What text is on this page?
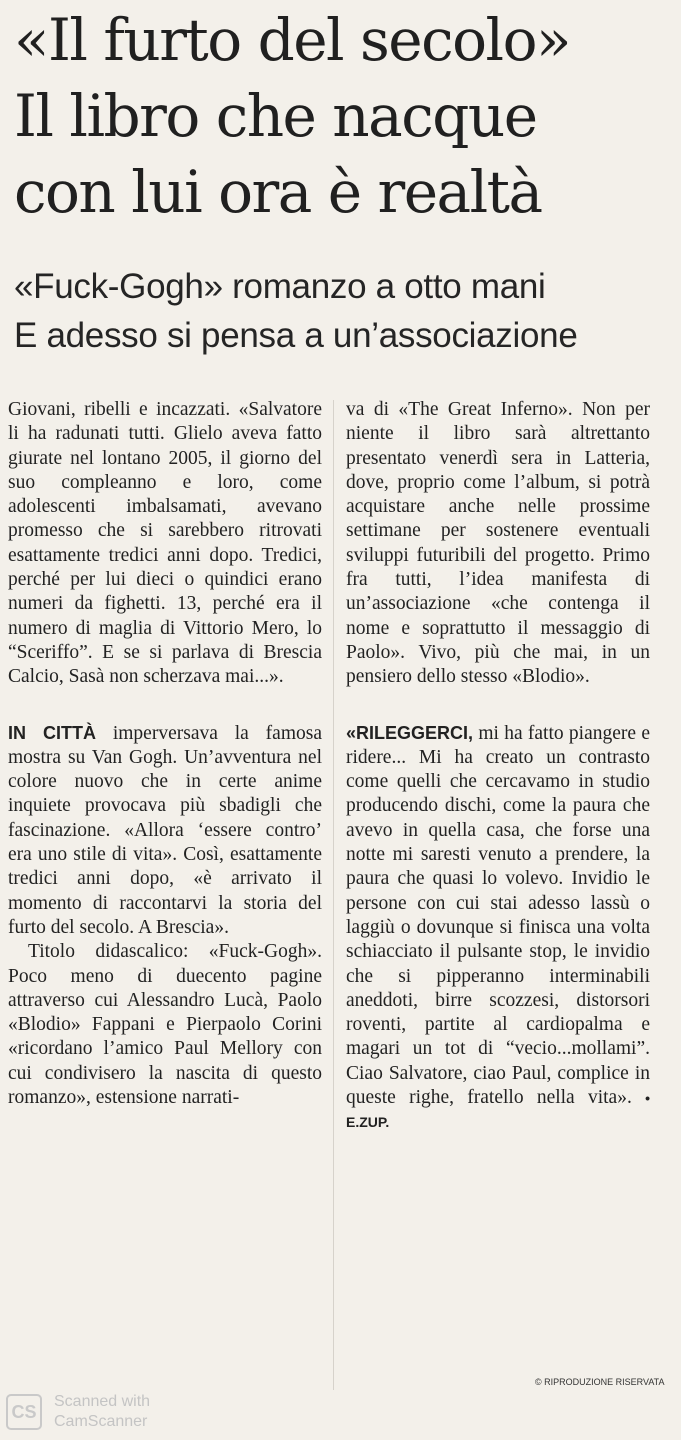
«Il furto del secolo»
Il libro che nacque
con lui ora è realtà
«Fuck-Gogh» romanzo a otto mani
E adesso si pensa a un’associazione

Giovani, ribelli e incazzati. «Salvatore li ha radunati tutti. Glielo aveva fatto giurate nel lontano 2005, il giorno del suo compleanno e loro, come adolescenti imbalsamati, avevano promesso che si sarebbero ritrovati esattamente tredici anni dopo. Tredici, perché per lui dieci o quindici erano numeri da fighetti. 13, perché era il numero di maglia di Vittorio Mero, lo “Sceriffo”. E se si parlava di Brescia Calcio, Sasà non scherzava mai...».

IN CITTÀ imperversava la famosa mostra su Van Gogh. Un’avventura nel colore nuovo che in certe anime inquiete provocava più sbadigli che fascinazione. «Allora ‘essere contro’ era uno stile di vita». Così, esattamente tredici anni dopo, «è arrivato il momento di raccontarvi la storia del furto del secolo. A Brescia».

Titolo didascalico: «Fuck-Gogh». Poco meno di duecento pagine attraverso cui Alessandro Lucà, Paolo «Blodio» Fappani e Pierpaolo Corini «ricordano l’amico Paul Mellory con cui condivisero la nascita di questo romanzo», estensione narrati-

va di «The Great Inferno». Non per niente il libro sarà altrettanto presentato venerdì sera in Latteria, dove, proprio come l’album, si potrà acquistare anche nelle prossime settimane per sostenere eventuali sviluppi futuribili del progetto. Primo fra tutti, l’idea manifesta di un’associazione «che contenga il nome e soprattutto il messaggio di Paolo». Vivo, più che mai, in un pensiero dello stesso «Blodio».

«RILEGGERCI, mi ha fatto piangere e ridere... Mi ha creato un contrasto come quelli che cercavamo in studio producendo dischi, come la paura che avevo in quella casa, che forse una notte mi saresti venuto a prendere, la paura che quasi lo volevo. Invidio le persone con cui stai adesso lassù o laggiù o dovunque si finisca una volta schiacciato il pulsante stop, le invidio che si pipperanno interminabili aneddoti, birre scozzesi, distorsori roventi, partite al cardiopalma e magari un tot di “vecio...mollami”. Ciao Salvatore, ciao Paul, complice in queste righe, fratello nella vita». • E.ZUP.

© RIPRODUZIONE RISERVATA
CS
Scanned with
CamScanner
